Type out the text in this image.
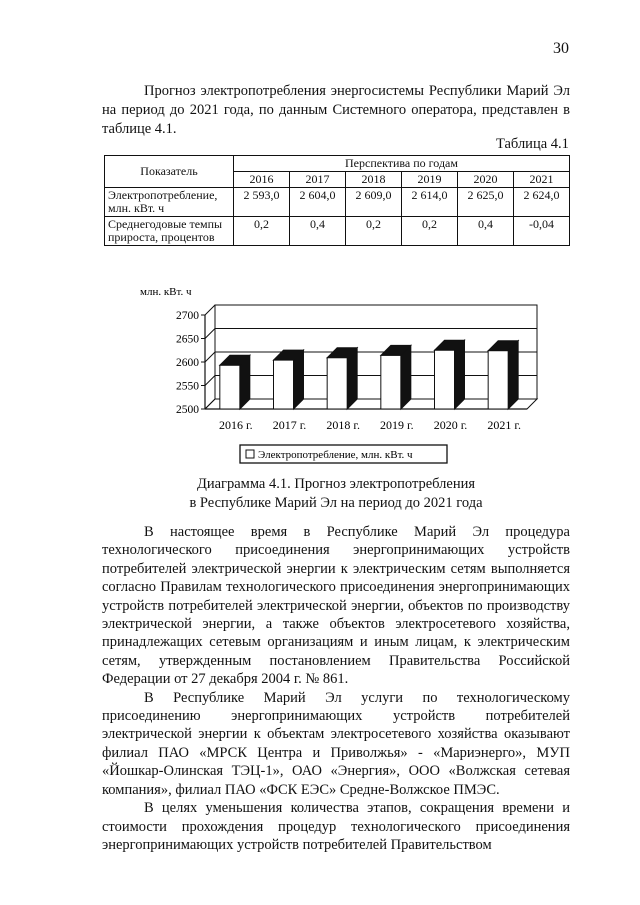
30

Прогноз электропотребления энергосистемы Республики Марий Эл на период до 2021 года, по данным Системного оператора, представлен в таблице 4.1.

Таблица 4.1
Показатель	Перспектива по годам					
	2016	2017	2018	2019	2020	2021
Электропотребление, млн. кВт. ч	2 593,0	2 604,0	2 609,0	2 614,0	2 625,0	2 624,0
Среднегодовые темпы прироста, процентов	0,2	0,4	0,2	0,2	0,4	-0,04
млн. кВт. ч
2500
2550
2600
2650
2700
2016 г. 2017 г. 2018 г. 2019 г. 2020 г. 2021 г.
Электропотребление, млн. кВт. ч
Диаграмма 4.1. Прогноз электропотребления
в Республике Марий Эл на период до 2021 года

В настоящее время в Республике Марий Эл процедура технологического присоединения энергопринимающих устройств потребителей электрической энергии к электрическим сетям выполняется согласно Правилам технологического присоединения энергопринимающих устройств потребителей электрической энергии, объектов по производству электрической энергии, а также объектов электросетевого хозяйства, принадлежащих сетевым организациям и иным лицам, к электрическим сетям, утвержденным постановлением Правительства Российской Федерации от 27 декабря 2004 г. № 861.

В Республике Марий Эл услуги по технологическому присоединению энергопринимающих устройств потребителей электрической энергии к объектам электросетевого хозяйства оказывают филиал ПАО «МРСК Центра и Приволжья» - «Мариэнерго», МУП «Йошкар-Олинская ТЭЦ-1», ОАО «Энергия», ООО «Волжская сетевая компания», филиал ПАО «ФСК ЕЭС» Средне-Волжское ПМЭС.

В целях уменьшения количества этапов, сокращения времени и стоимости прохождения процедур технологического присоединения энергопринимающих устройств потребителей Правительством
